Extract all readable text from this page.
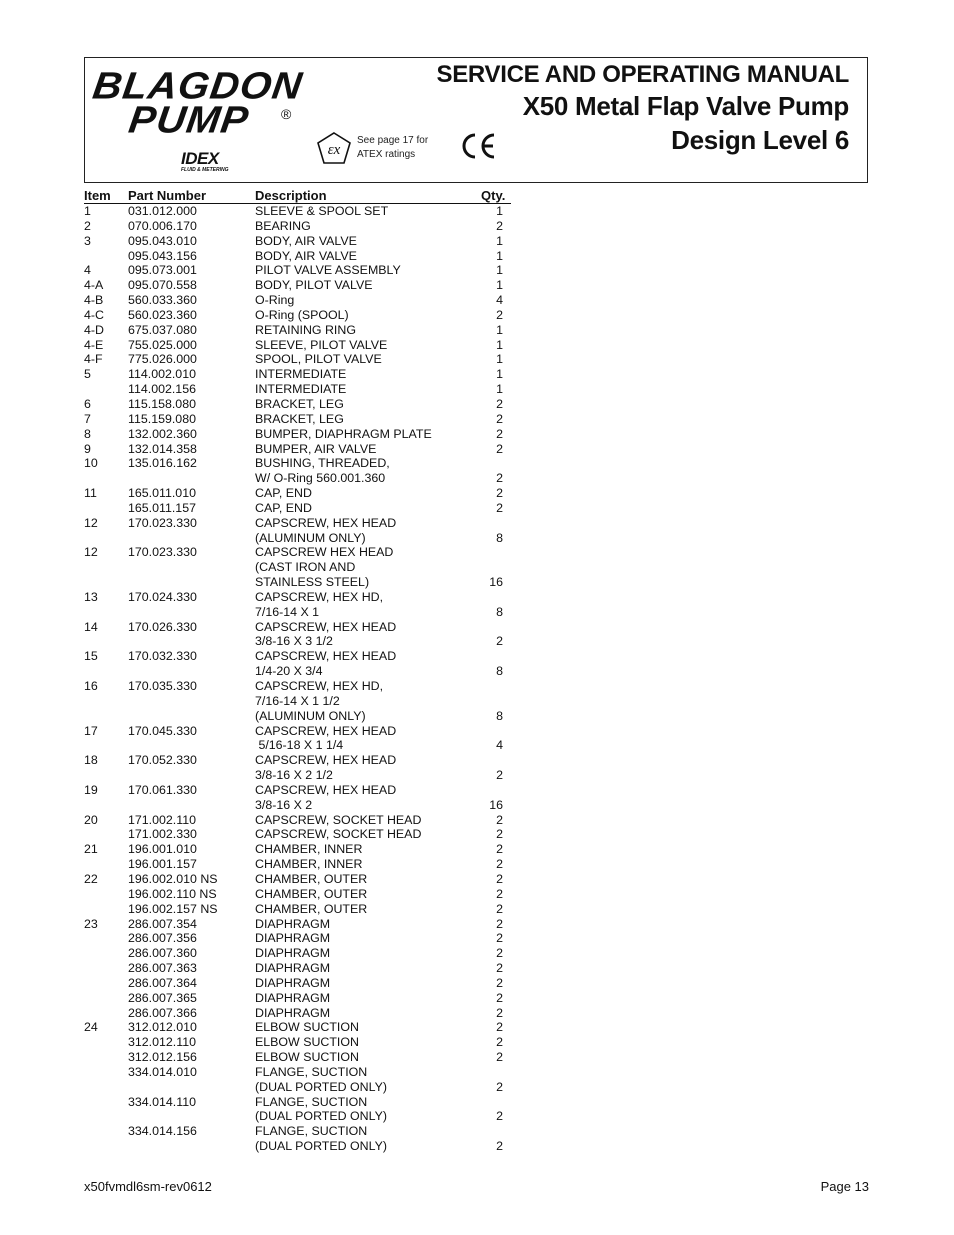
BLAGDON
PUMP ®
IDEX
FLUID & METERING
εx
See page 17 for
ATEX ratings
SERVICE AND OPERATING MANUAL
X50 Metal Flap Valve Pump
Design Level 6
Item	Part Number	Description	Qty.
1	031.012.000	SLEEVE & SPOOL SET	1
2	070.006.170	BEARING	2
3	095.043.010	BODY, AIR VALVE	1
	095.043.156	BODY, AIR VALVE	1
4	095.073.001	PILOT VALVE ASSEMBLY	1
4-A	095.070.558	BODY, PILOT VALVE	1
4-B	560.033.360	O-Ring	4
4-C	560.023.360	O-Ring (SPOOL)	2
4-D	675.037.080	RETAINING RING	1
4-E	755.025.000	SLEEVE, PILOT VALVE	1
4-F	775.026.000	SPOOL, PILOT VALVE	1
5	114.002.010	INTERMEDIATE	1
	114.002.156	INTERMEDIATE	1
6	115.158.080	BRACKET, LEG	2
7	115.159.080	BRACKET, LEG	2
8	132.002.360	BUMPER, DIAPHRAGM PLATE	2
9	132.014.358	BUMPER, AIR VALVE	2
10	135.016.162	BUSHING, THREADED,	
		W/ O-Ring 560.001.360	2
11	165.011.010	CAP, END	2
	165.011.157	CAP, END	2
12	170.023.330	CAPSCREW, HEX HEAD	
		(ALUMINUM ONLY)	8
12	170.023.330	CAPSCREW HEX HEAD	
		(CAST IRON AND	
		STAINLESS STEEL)	16
13	170.024.330	CAPSCREW, HEX HD,	
		7/16-14 X 1	8
14	170.026.330	CAPSCREW, HEX HEAD	
		3/8-16 X 3 1/2	2
15	170.032.330	CAPSCREW, HEX HEAD	
		1/4-20 X 3/4	8
16	170.035.330	CAPSCREW, HEX HD,	
		7/16-14 X 1 1/2	
		(ALUMINUM ONLY)	8
17	170.045.330	CAPSCREW, HEX HEAD	
		5/16-18 X 1 1/4	4
18	170.052.330	CAPSCREW, HEX HEAD	
		3/8-16 X 2 1/2	2
19	170.061.330	CAPSCREW, HEX HEAD	
		3/8-16 X 2	16
20	171.002.110	CAPSCREW, SOCKET HEAD	2
	171.002.330	CAPSCREW, SOCKET HEAD	2
21	196.001.010	CHAMBER, INNER	2
	196.001.157	CHAMBER, INNER	2
22	196.002.010 NS	CHAMBER, OUTER	2
	196.002.110 NS	CHAMBER, OUTER	2
	196.002.157 NS	CHAMBER, OUTER	2
23	286.007.354	DIAPHRAGM	2
	286.007.356	DIAPHRAGM	2
	286.007.360	DIAPHRAGM	2
	286.007.363	DIAPHRAGM	2
	286.007.364	DIAPHRAGM	2
	286.007.365	DIAPHRAGM	2
	286.007.366	DIAPHRAGM	2
24	312.012.010	ELBOW SUCTION	2
	312.012.110	ELBOW SUCTION	2
	312.012.156	ELBOW SUCTION	2
	334.014.010	FLANGE, SUCTION	
		(DUAL PORTED ONLY)	2
	334.014.110	FLANGE, SUCTION	
		(DUAL PORTED ONLY)	2
	334.014.156	FLANGE, SUCTION	
		(DUAL PORTED ONLY)	2
x50fvmdl6sm-rev0612	Page 13
